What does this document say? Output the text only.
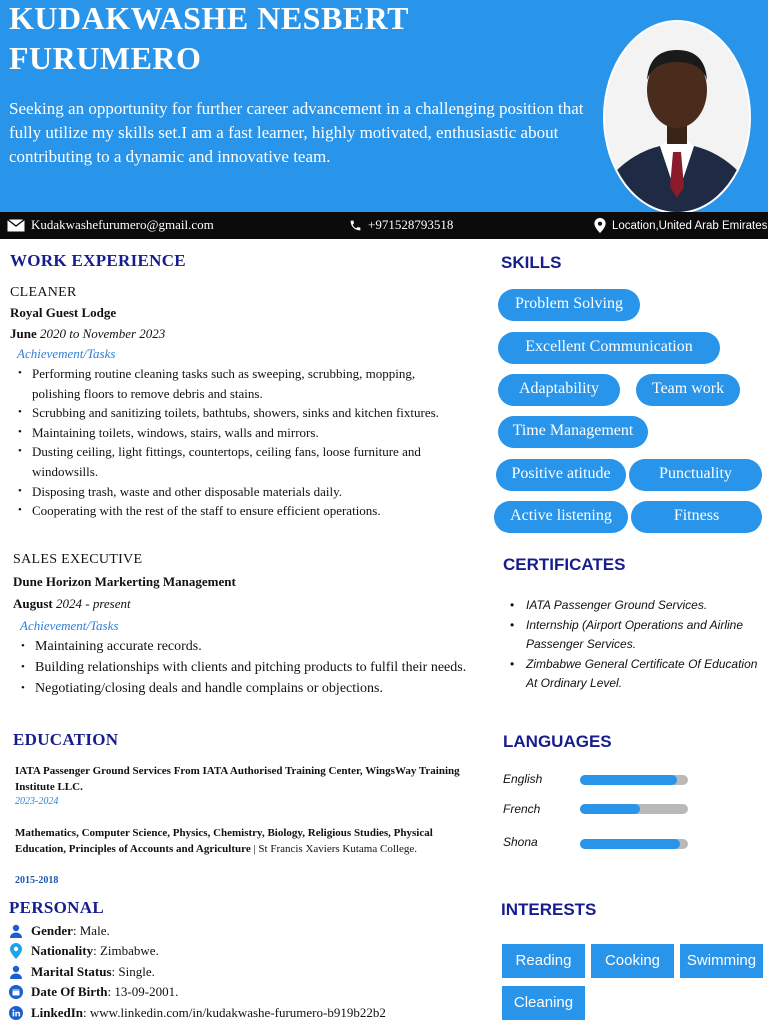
KUDAKWASHE NESBERT
FURUMERO
Seeking an opportunity for further career advancement in a challenging position that fully utilize my skills set.I am a fast learner, highly motivated, enthusiastic about contributing to a dynamic and innovative team.
Kudakwashefurumero@gmail.com	+971528793518	Location,United Arab Emirates
WORK EXPERIENCE
CLEANER
Royal Guest Lodge
June 2020 to November 2023
Achievement/Tasks
• Performing routine cleaning tasks such as sweeping, scrubbing, mopping, polishing floors to remove debris and stains.
• Scrubbing and sanitizing toilets, bathtubs, showers, sinks and kitchen fixtures.
• Maintaining toilets, windows, stairs, walls and mirrors.
• Dusting ceiling, light fittings, countertops, ceiling fans, loose furniture and windowsills.
• Disposing trash, waste and other disposable materials daily.
• Cooperating with the rest of the staff to ensure efficient operations.
SALES EXECUTIVE
Dune Horizon Markerting Management
August 2024 - present
Achievement/Tasks
• Maintaining accurate records.
• Building relationships with clients and pitching products to fulfil their needs.
• Negotiating/closing deals and handle complains or objections.
EDUCATION
IATA Passenger Ground Services From IATA Authorised Training Center, WingsWay Training Institute LLC.
2023-2024
Mathematics, Computer Science, Physics, Chemistry, Biology, Religious Studies, Physical Education, Principles of Accounts and Agriculture | St Francis Xaviers Kutama College.
2015-2018
PERSONAL
Gender: Male.
Nationality: Zimbabwe.
Marital Status: Single.
Date Of Birth: 13-09-2001.
LinkedIn: www.linkedin.com/in/kudakwashe-furumero-b919b22b2
SKILLS
Problem Solving
Excellent Communication
Adaptability	Team work
Time Management
Positive atitude	Punctuality
Active listening	Fitness
CERTIFICATES
• IATA Passenger Ground Services.
• Internship (Airport Operations and Airline Passenger Services.
• Zimbabwe General Certificate Of Education At Ordinary Level.
LANGUAGES
English
French
Shona
INTERESTS
Reading	Cooking	Swimming
Cleaning
